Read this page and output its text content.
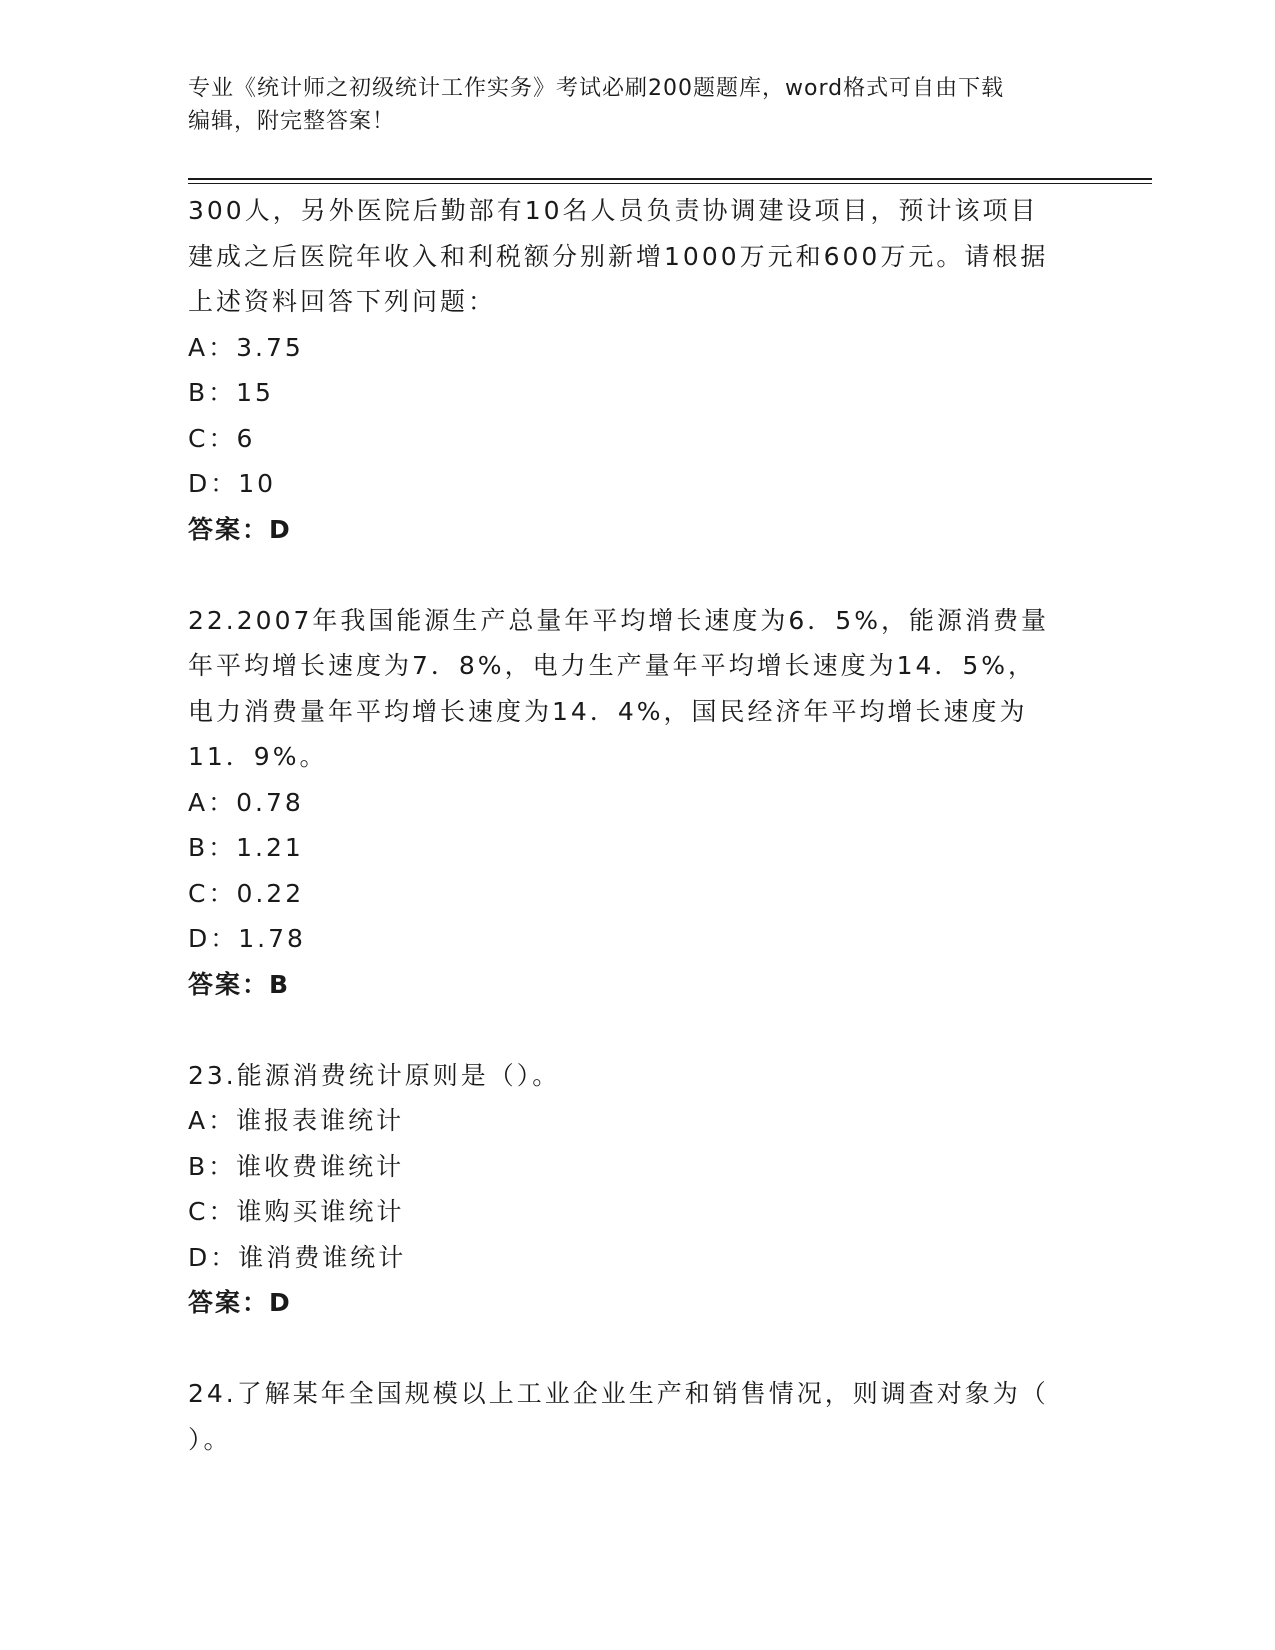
专业《统计师之初级统计工作实务》考试必刷200题题库，word格式可自由下载
编辑，附完整答案！
300人，另外医院后勤部有10名人员负责协调建设项目，预计该项目
建成之后医院年收入和利税额分别新增1000万元和600万元。请根据
上述资料回答下列问题：
A：3.75
B：15
C：6
D：10
答案：D
22.2007年我国能源生产总量年平均增长速度为6．5%，能源消费量
年平均增长速度为7．8%，电力生产量年平均增长速度为14．5%，
电力消费量年平均增长速度为14．4%，国民经济年平均增长速度为
11．9%。
A：0.78
B：1.21
C：0.22
D：1.78
答案：B
23.能源消费统计原则是（）。
A：谁报表谁统计
B：谁收费谁统计
C：谁购买谁统计
D：谁消费谁统计
答案：D
24.了解某年全国规模以上工业企业生产和销售情况，则调查对象为（
）。
